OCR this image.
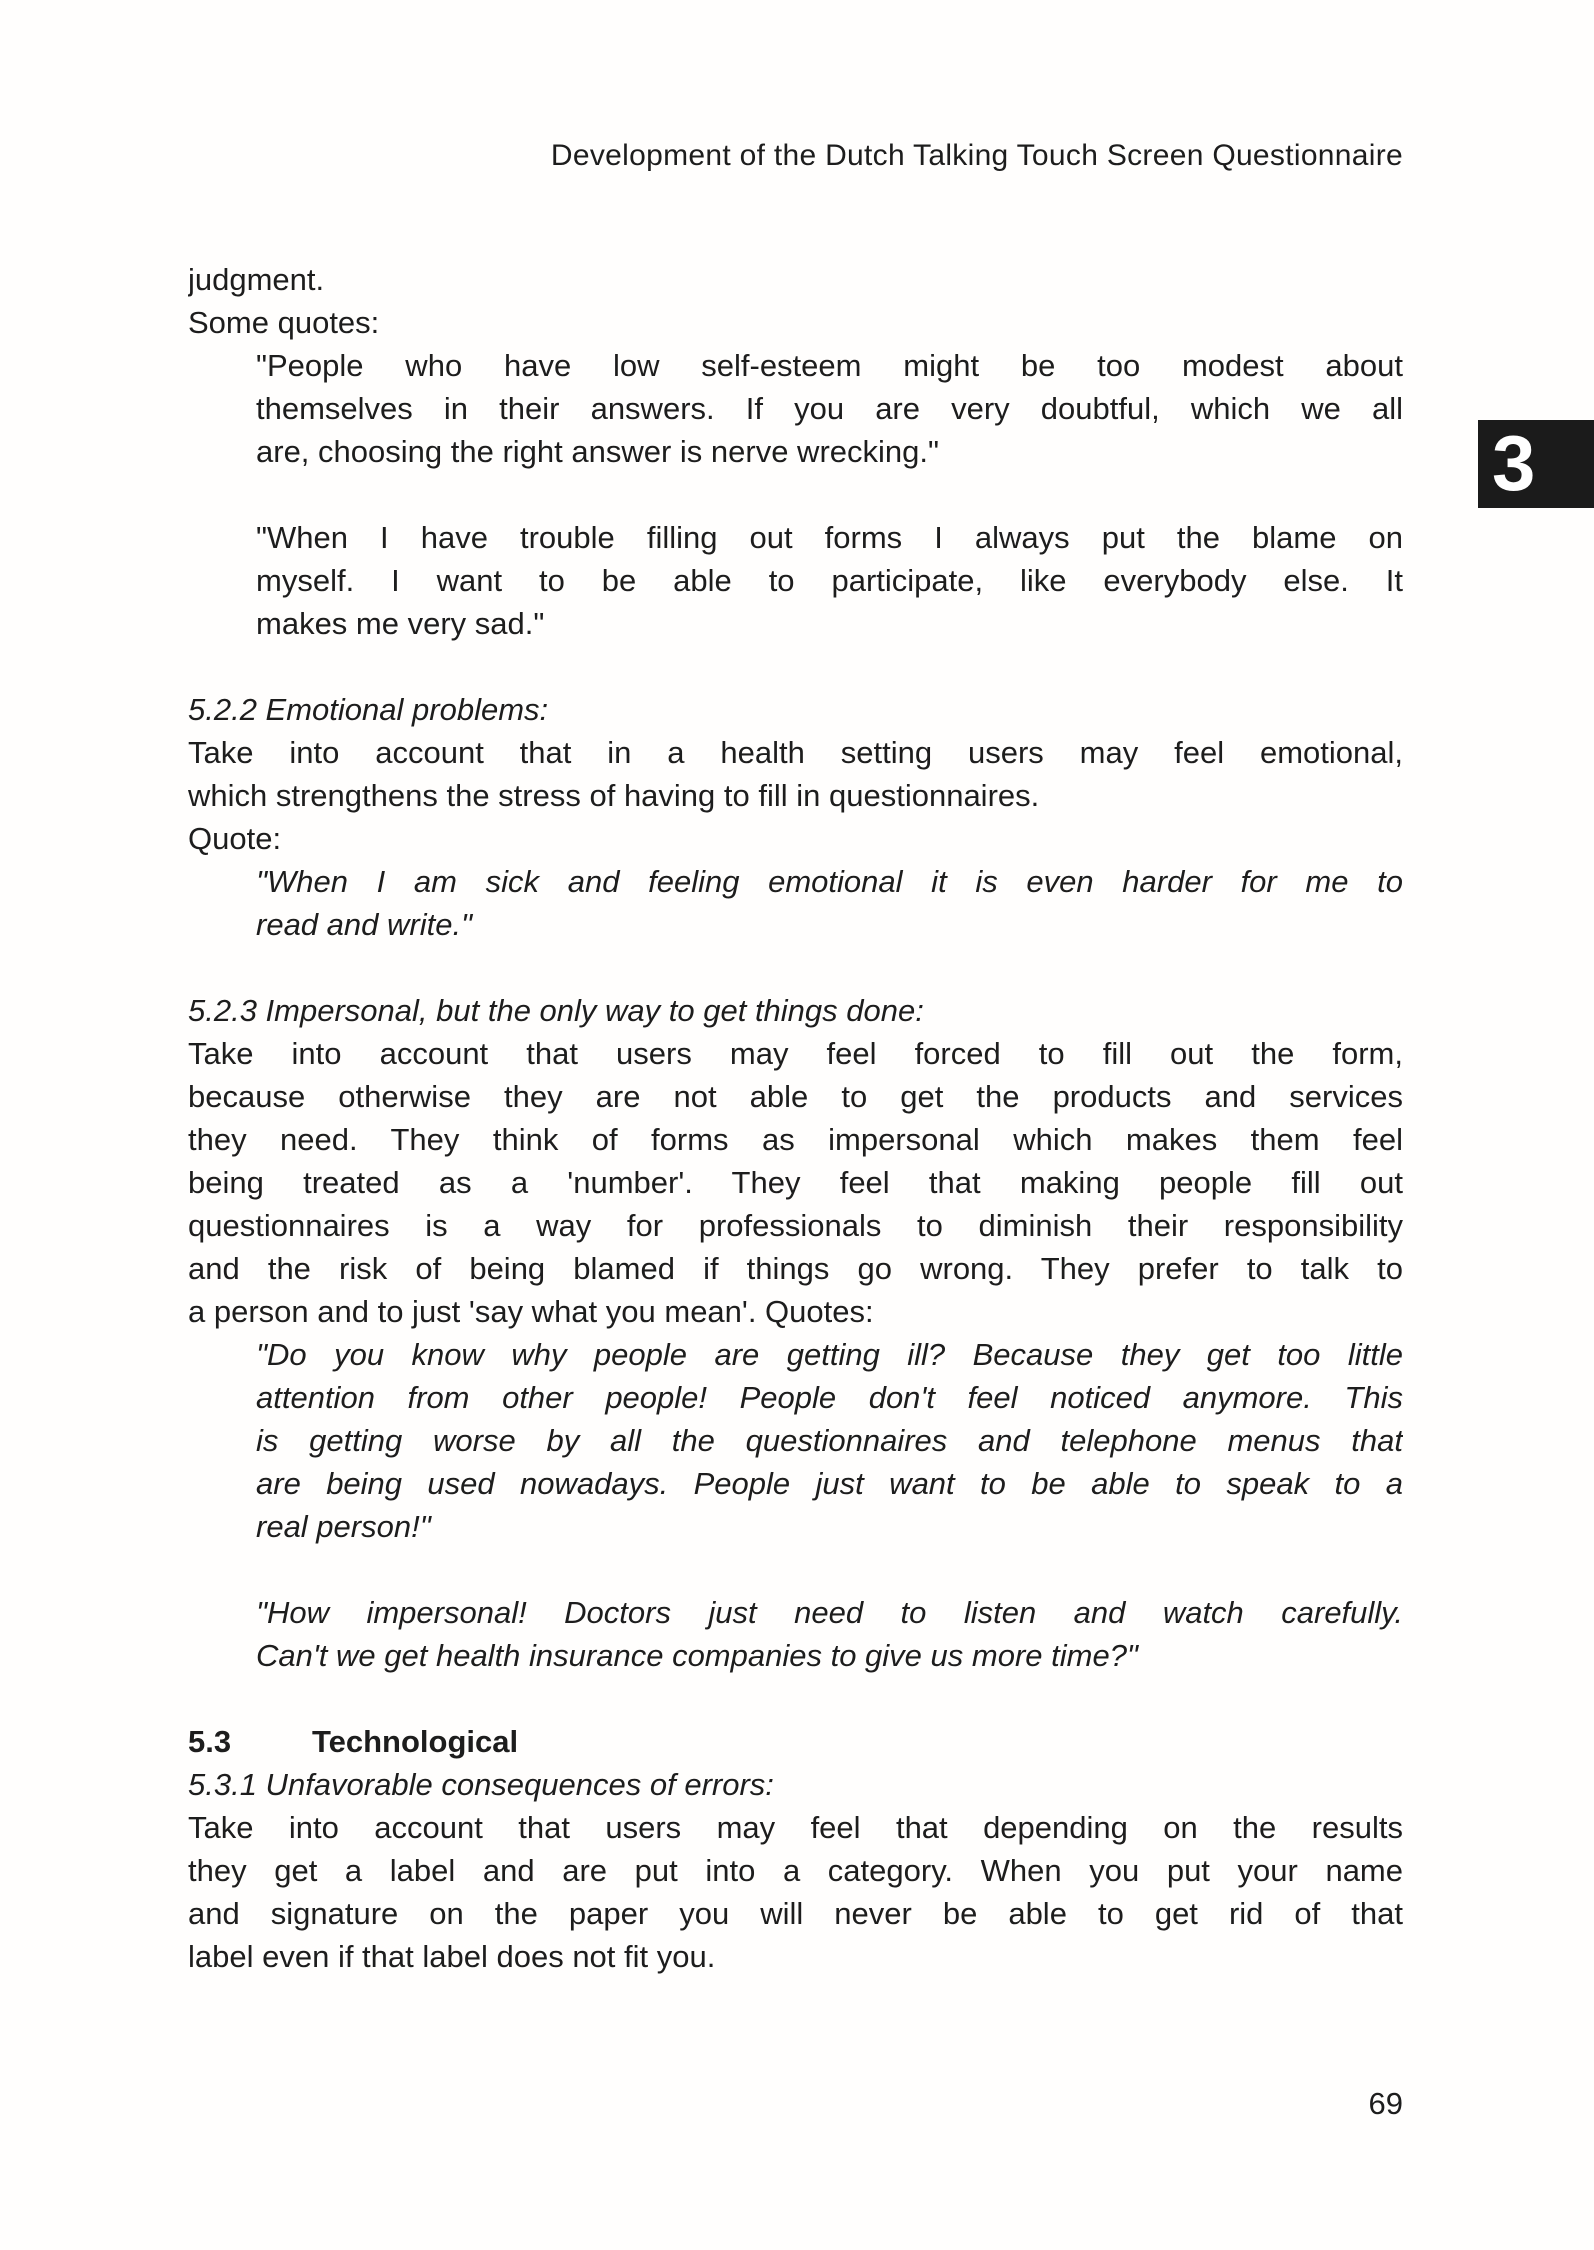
Development of the Dutch Talking Touch Screen Questionnaire
3
judgment.
Some quotes:
"People who have low self-esteem might be too modest about
themselves in their answers. If you are very doubtful, which we all
are, choosing the right answer is nerve wrecking."
"When I have trouble filling out forms I always put the blame on
myself. I want to be able to participate, like everybody else. It
makes me very sad."
5.2.2 Emotional problems:
Take into account that in a health setting users may feel emotional,
which strengthens the stress of having to fill in questionnaires.
Quote:
"When I am sick and feeling emotional it is even harder for me to
read and write."
5.2.3 Impersonal, but the only way to get things done:
Take into account that users may feel forced to fill out the form,
because otherwise they are not able to get the products and services
they need. They think of forms as impersonal which makes them feel
being treated as a 'number'. They feel that making people fill out
questionnaires is a way for professionals to diminish their responsibility
and the risk of being blamed if things go wrong. They prefer to talk to
a person and to just 'say what you mean'. Quotes:
"Do you know why people are getting ill? Because they get too little
attention from other people! People don't feel noticed anymore. This
is getting worse by all the questionnaires and telephone menus that
are being used nowadays. People just want to be able to speak to a
real person!"
"How impersonal! Doctors just need to listen and watch carefully.
Can't we get health insurance companies to give us more time?"
5.3	Technological
5.3.1 Unfavorable consequences of errors:
Take into account that users may feel that depending on the results
they get a label and are put into a category. When you put your name
and signature on the paper you will never be able to get rid of that
label even if that label does not fit you.
69
